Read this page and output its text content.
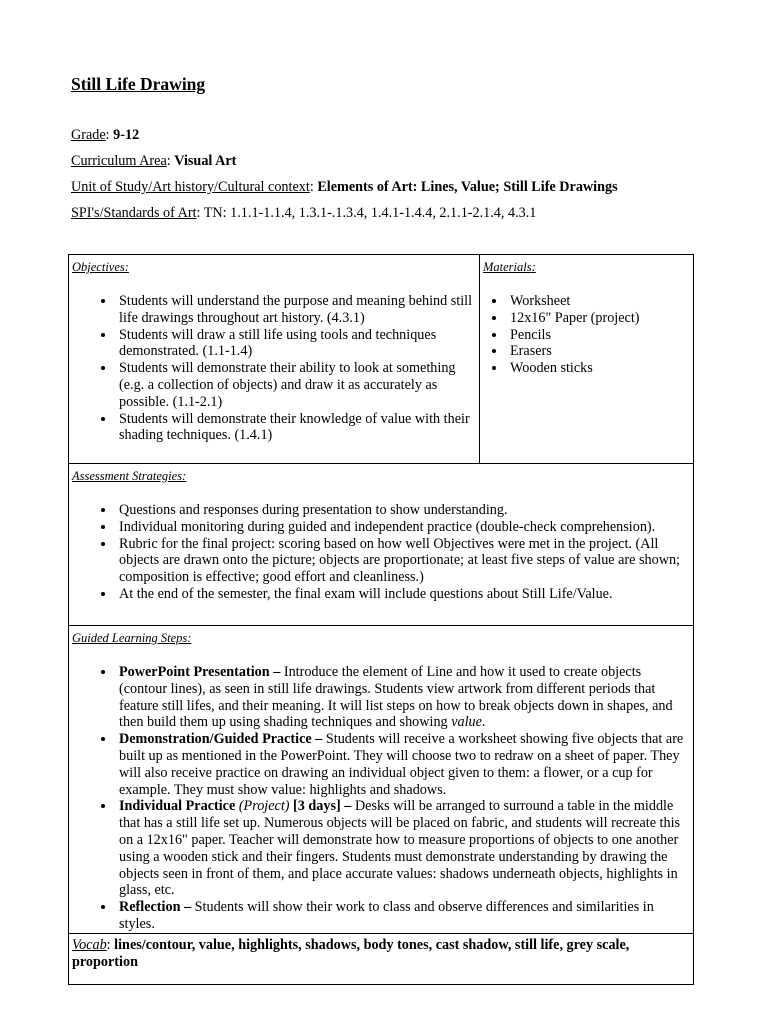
Still Life Drawing
Grade: 9-12
Curriculum Area: Visual Art
Unit of Study/Art history/Cultural context: Elements of Art: Lines, Value; Still Life Drawings
SPI's/Standards of Art: TN: 1.1.1-1.1.4, 1.3.1-.1.3.4, 1.4.1-1.4.4, 2.1.1-2.1.4, 4.3.1
Objectives:
• Students will understand the purpose and meaning behind still life drawings throughout art history. (4.3.1)
• Students will draw a still life using tools and techniques demonstrated. (1.1-1.4)
• Students will demonstrate their ability to look at something (e.g. a collection of objects) and draw it as accurately as possible. (1.1-2.1)
• Students will demonstrate their knowledge of value with their shading techniques. (1.4.1)

Materials:
• Worksheet
• 12x16" Paper (project)
• Pencils
• Erasers
• Wooden sticks

Assessment Strategies:
• Questions and responses during presentation to show understanding.
• Individual monitoring during guided and independent practice (double-check comprehension).
• Rubric for the final project: scoring based on how well Objectives were met in the project. (All objects are drawn onto the picture; objects are proportionate; at least five steps of value are shown; composition is effective; good effort and cleanliness.)
• At the end of the semester, the final exam will include questions about Still Life/Value.

Guided Learning Steps:
• PowerPoint Presentation – Introduce the element of Line and how it used to create objects (contour lines), as seen in still life drawings. Students view artwork from different periods that feature still lifes, and their meaning. It will list steps on how to break objects down in shapes, and then build them up using shading techniques and showing value.
• Demonstration/Guided Practice – Students will receive a worksheet showing five objects that are built up as mentioned in the PowerPoint. They will choose two to redraw on a sheet of paper. They will also receive practice on drawing an individual object given to them: a flower, or a cup for example. They must show value: highlights and shadows.
• Individual Practice (Project) [3 days] – Desks will be arranged to surround a table in the middle that has a still life set up. Numerous objects will be placed on fabric, and students will recreate this on a 12x16" paper. Teacher will demonstrate how to measure proportions of objects to one another using a wooden stick and their fingers. Students must demonstrate understanding by drawing the objects seen in front of them, and place accurate values: shadows underneath objects, highlights in glass, etc.
• Reflection – Students will show their work to class and observe differences and similarities in styles.

Vocab: lines/contour, value, highlights, shadows, body tones, cast shadow, still life, grey scale, proportion
